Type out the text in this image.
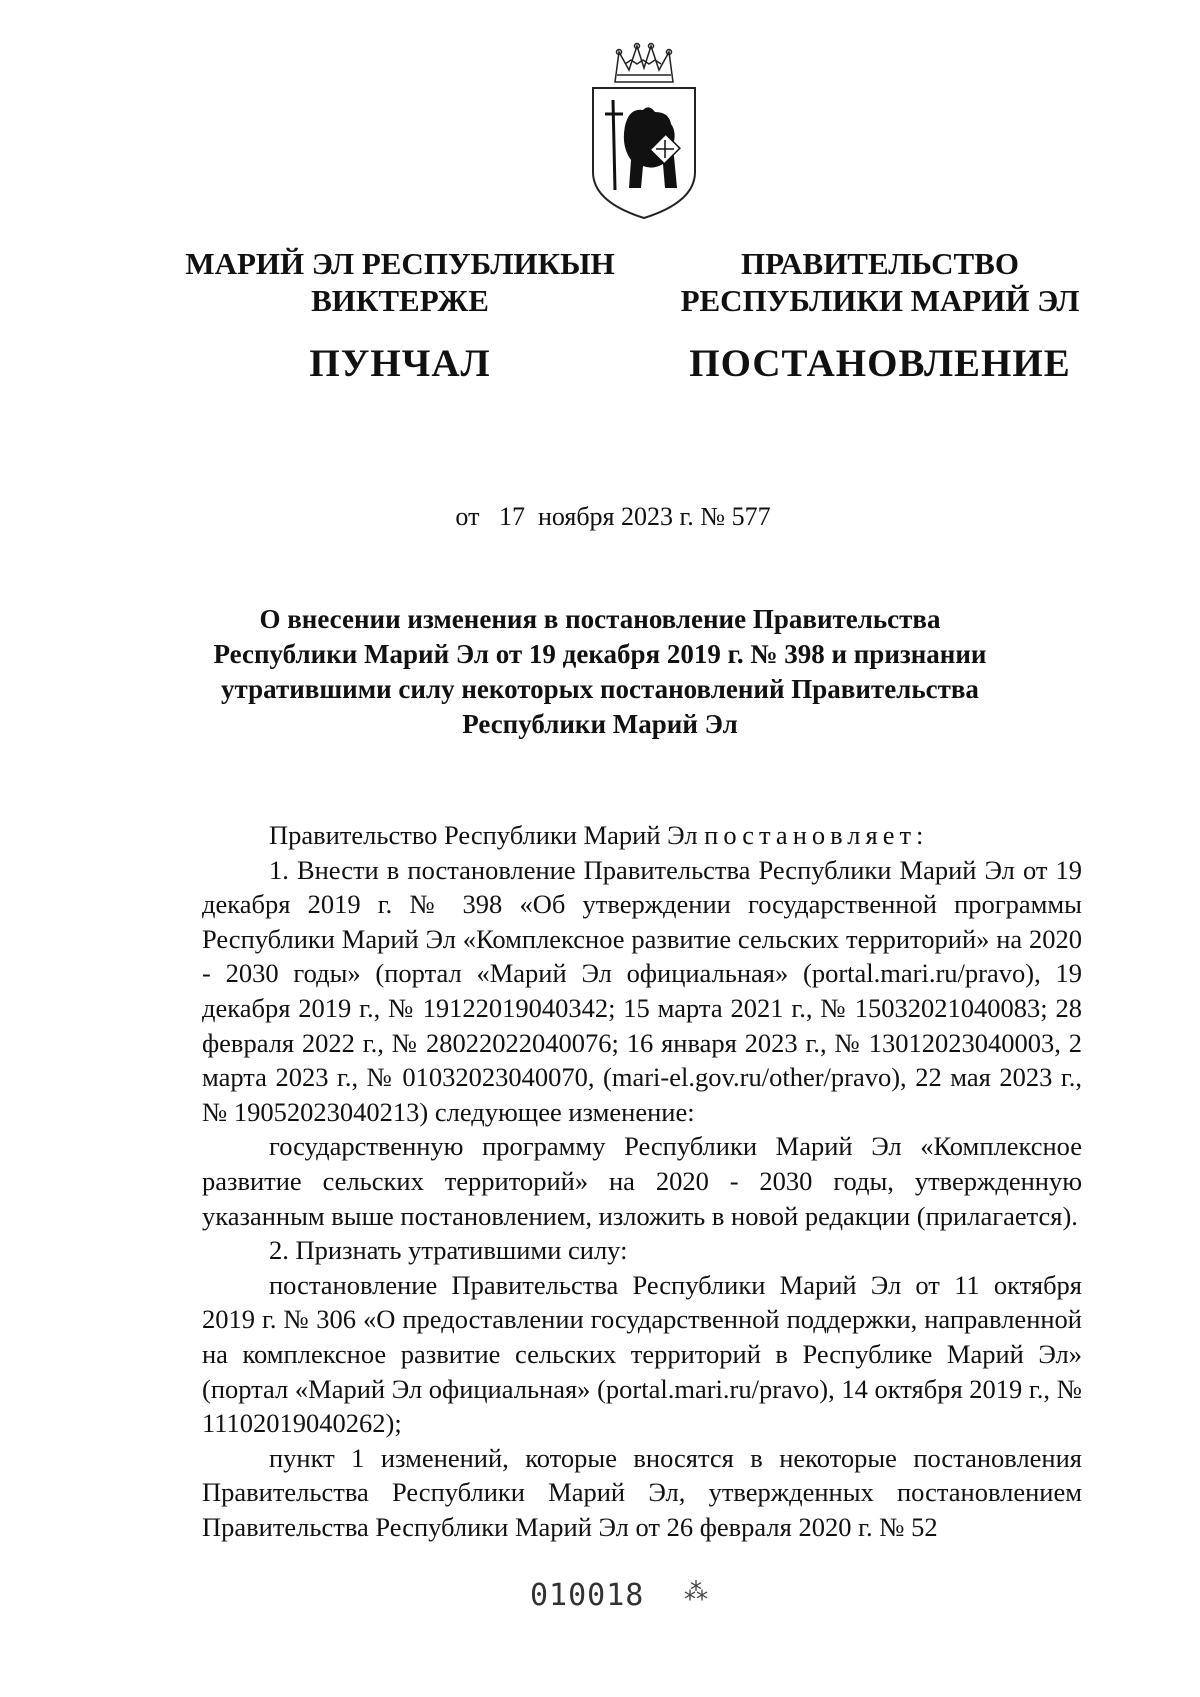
МАРИЙ ЭЛ РЕСПУБЛИКЫН
ВИКТЕРЖЕ
ПУНЧАЛ
ПРАВИТЕЛЬСТВО
РЕСПУБЛИКИ МАРИЙ ЭЛ
ПОСТАНОВЛЕНИЕ

от 17 ноября 2023 г. № 577

О внесении изменения в постановление Правительства
Республики Марий Эл от 19 декабря 2019 г. № 398 и признании
утратившими силу некоторых постановлений Правительства
Республики Марий Эл

Правительство Республики Марий Эл постановляет:

1. Внести в постановление Правительства Республики Марий Эл от 19 декабря 2019 г. № 398 «Об утверждении государственной программы Республики Марий Эл «Комплексное развитие сельских территорий» на 2020 - 2030 годы» (портал «Марий Эл официальная» (portal.mari.ru/pravo), 19 декабря 2019 г., № 19122019040342; 15 марта 2021 г., № 15032021040083; 28 февраля 2022 г., № 28022022040076; 16 января 2023 г., № 13012023040003, 2 марта 2023 г., № 01032023040070, (mari-el.gov.ru/other/pravo), 22 мая 2023 г., № 19052023040213) следующее изменение:

государственную программу Республики Марий Эл «Комплексное развитие сельских территорий» на 2020 - 2030 годы, утвержденную указанным выше постановлением, изложить в новой редакции (прилагается).

2. Признать утратившими силу:

постановление Правительства Республики Марий Эл от 11 октября 2019 г. № 306 «О предоставлении государственной поддержки, направленной на комплексное развитие сельских территорий в Республике Марий Эл» (портал «Марий Эл официальная» (portal.mari.ru/pravo), 14 октября 2019 г., № 11102019040262);

пункт 1 изменений, которые вносятся в некоторые постановления Правительства Республики Марий Эл, утвержденных постановлением Правительства Республики Марий Эл от 26 февраля 2020 г. № 52

010018 ⁂
